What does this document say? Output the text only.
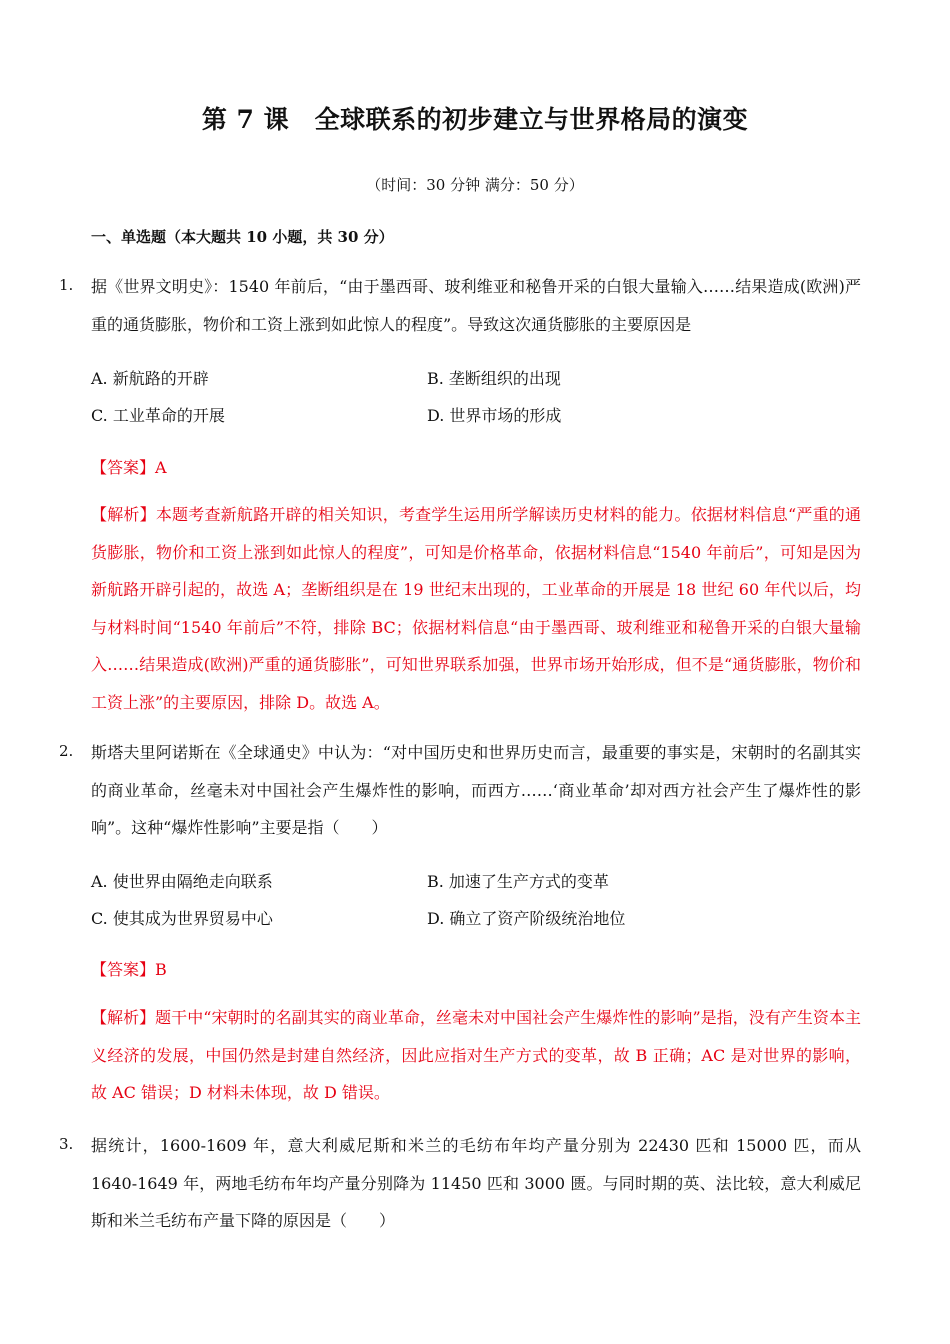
第 7 课　全球联系的初步建立与世界格局的演变
（时间：30 分钟 满分：50 分）
一、单选题（本大题共 10 小题，共 30 分）
1. 据《世界文明史》：1540 年前后，“由于墨西哥、玻利维亚和秘鲁开采的白银大量输入……结果造成(欧洲)严重的通货膨胀，物价和工资上涨到如此惊人的程度”。导致这次通货膨胀的主要原因是
A. 新航路的开辟	B. 垄断组织的出现
C. 工业革命的开展	D. 世界市场的形成
【答案】A
【解析】本题考查新航路开辟的相关知识，考查学生运用所学解读历史材料的能力。依据材料信息“严重的通货膨胀，物价和工资上涨到如此惊人的程度”，可知是价格革命，依据材料信息“1540 年前后”，可知是因为新航路开辟引起的，故选 A；垄断组织是在 19 世纪末出现的，工业革命的开展是 18 世纪 60 年代以后，均与材料时间“1540 年前后”不符，排除 BC；依据材料信息“由于墨西哥、玻利维亚和秘鲁开采的白银大量输入……结果造成(欧洲)严重的通货膨胀”，可知世界联系加强，世界市场开始形成，但不是“通货膨胀，物价和工资上涨”的主要原因，排除 D。故选 A。
2. 斯塔夫里阿诺斯在《全球通史》中认为：“对中国历史和世界历史而言，最重要的事实是，宋朝时的名副其实的商业革命，丝毫未对中国社会产生爆炸性的影响，而西方……‘商业革命’却对西方社会产生了爆炸性的影响”。这种“爆炸性影响”主要是指（　　）
A. 使世界由隔绝走向联系	B. 加速了生产方式的变革
C. 使其成为世界贸易中心	D. 确立了资产阶级统治地位
【答案】B
【解析】题干中“宋朝时的名副其实的商业革命，丝毫未对中国社会产生爆炸性的影响”是指，没有产生资本主义经济的发展，中国仍然是封建自然经济，因此应指对生产方式的变革，故 B 正确；AC 是对世界的影响，故 AC 错误；D 材料未体现，故 D 错误。
3. 据统计，1600-1609 年，意大利威尼斯和米兰的毛纺布年均产量分别为 22430 匹和 15000 匹，而从 1640-1649 年，两地毛纺布年均产量分别降为 11450 匹和 3000 匮。与同时期的英、法比较，意大利威尼斯和米兰毛纺布产量下降的原因是（　　）
